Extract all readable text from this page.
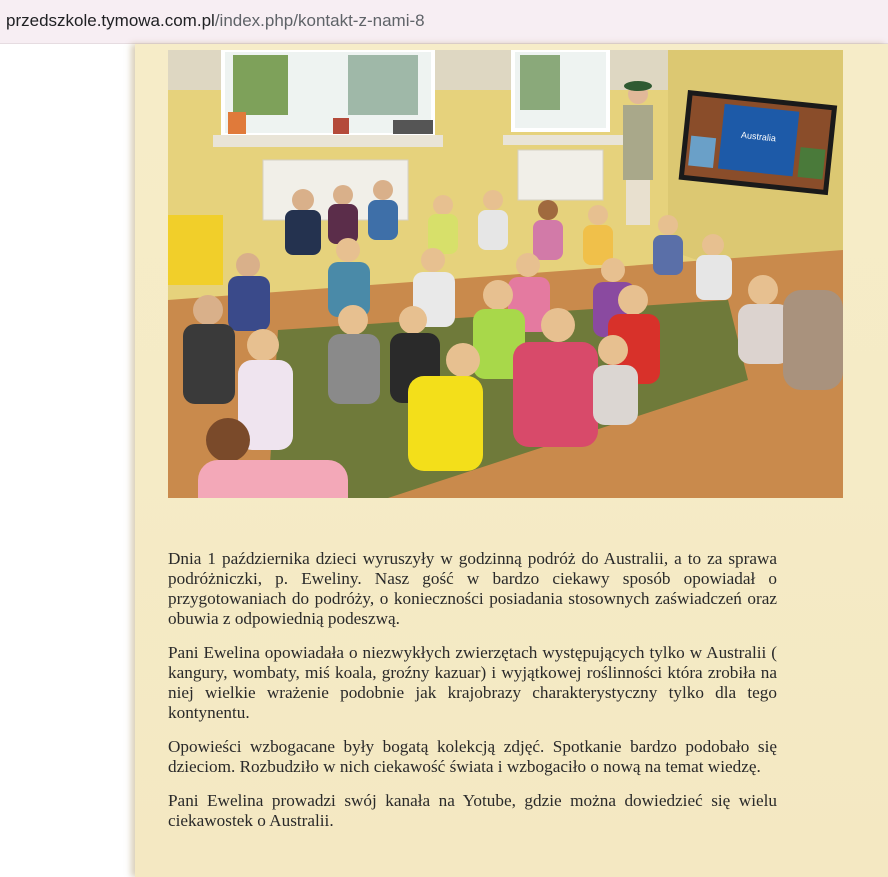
przedszkole.tymowa.com.pl/index.php/kontakt-z-nami-8
Australia

Dnia 1 października dzieci wyruszyły w godzinną podróż do Australii, a to za sprawa podróżniczki, p. Eweliny. Nasz gość w bardzo ciekawy sposób opowiadał o przygotowaniach do podróży, o konieczności posiadania stosownych zaświadczeń oraz obuwia z odpowiednią podeszwą.

Pani Ewelina opowiadała o niezwykłych zwierzętach występujących tylko w Australii ( kangury, wombaty, miś koala, groźny kazuar) i wyjątkowej roślinności która zrobiła na niej wielkie wrażenie podobnie jak krajobrazy charakterystyczny tylko dla tego kontynentu.

Opowieści wzbogacane były bogatą kolekcją zdjęć. Spotkanie bardzo podobało się dzieciom. Rozbudziło w nich ciekawość świata i wzbogaciło o nową na temat wiedzę.

Pani Ewelina prowadzi swój kanała na Yotube, gdzie można dowiedzieć się wielu ciekawostek o Australii.
